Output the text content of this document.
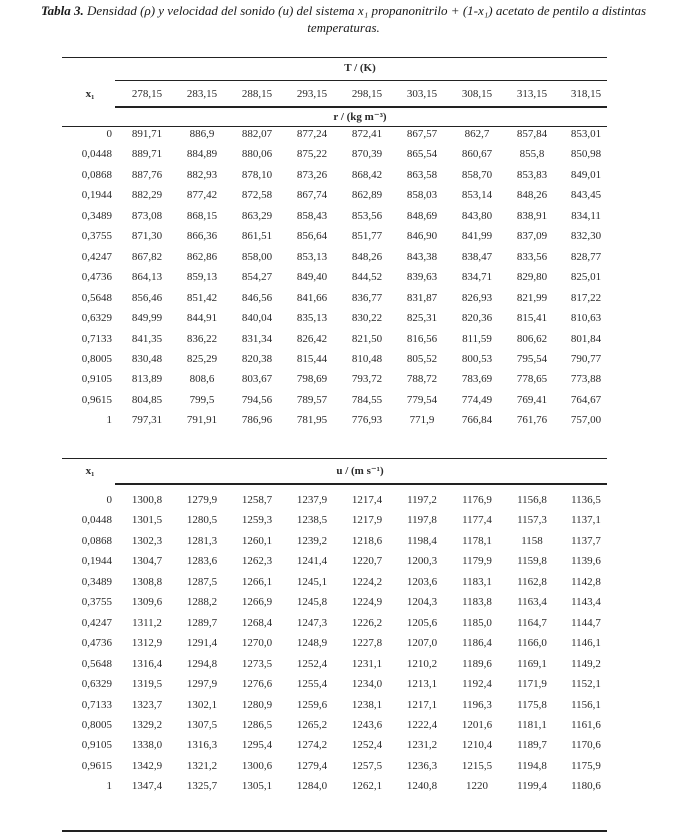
Tabla 3. Densidad (ρ) y velocidad del sonido (u) del sistema x₁ propanonitrilo + (1-x₁) acetato de pentilo a distintas temperaturas.
T / (K)
x₁	278,15	283,15	288,15	293,15	298,15	303,15	308,15	313,15	318,15
r / (kg m⁻³)
0	891,71	886,9	882,07	877,24	872,41	867,57	862,7	857,84	853,01
0,0448	889,71	884,89	880,06	875,22	870,39	865,54	860,67	855,8	850,98
0,0868	887,76	882,93	878,10	873,26	868,42	863,58	858,70	853,83	849,01
0,1944	882,29	877,42	872,58	867,74	862,89	858,03	853,14	848,26	843,45
0,3489	873,08	868,15	863,29	858,43	853,56	848,69	843,80	838,91	834,11
0,3755	871,30	866,36	861,51	856,64	851,77	846,90	841,99	837,09	832,30
0,4247	867,82	862,86	858,00	853,13	848,26	843,38	838,47	833,56	828,77
0,4736	864,13	859,13	854,27	849,40	844,52	839,63	834,71	829,80	825,01
0,5648	856,46	851,42	846,56	841,66	836,77	831,87	826,93	821,99	817,22
0,6329	849,99	844,91	840,04	835,13	830,22	825,31	820,36	815,41	810,63
0,7133	841,35	836,22	831,34	826,42	821,50	816,56	811,59	806,62	801,84
0,8005	830,48	825,29	820,38	815,44	810,48	805,52	800,53	795,54	790,77
0,9105	813,89	808,6	803,67	798,69	793,72	788,72	783,69	778,65	773,88
0,9615	804,85	799,5	794,56	789,57	784,55	779,54	774,49	769,41	764,67
1	797,31	791,91	786,96	781,95	776,93	771,9	766,84	761,76	757,00
x₁	u / (m s⁻¹)
0	1300,8	1279,9	1258,7	1237,9	1217,4	1197,2	1176,9	1156,8	1136,5
0,0448	1301,5	1280,5	1259,3	1238,5	1217,9	1197,8	1177,4	1157,3	1137,1
0,0868	1302,3	1281,3	1260,1	1239,2	1218,6	1198,4	1178,1	1158	1137,7
0,1944	1304,7	1283,6	1262,3	1241,4	1220,7	1200,3	1179,9	1159,8	1139,6
0,3489	1308,8	1287,5	1266,1	1245,1	1224,2	1203,6	1183,1	1162,8	1142,8
0,3755	1309,6	1288,2	1266,9	1245,8	1224,9	1204,3	1183,8	1163,4	1143,4
0,4247	1311,2	1289,7	1268,4	1247,3	1226,2	1205,6	1185,0	1164,7	1144,7
0,4736	1312,9	1291,4	1270,0	1248,9	1227,8	1207,0	1186,4	1166,0	1146,1
0,5648	1316,4	1294,8	1273,5	1252,4	1231,1	1210,2	1189,6	1169,1	1149,2
0,6329	1319,5	1297,9	1276,6	1255,4	1234,0	1213,1	1192,4	1171,9	1152,1
0,7133	1323,7	1302,1	1280,9	1259,6	1238,1	1217,1	1196,3	1175,8	1156,1
0,8005	1329,2	1307,5	1286,5	1265,2	1243,6	1222,4	1201,6	1181,1	1161,6
0,9105	1338,0	1316,3	1295,4	1274,2	1252,4	1231,2	1210,4	1189,7	1170,6
0,9615	1342,9	1321,2	1300,6	1279,4	1257,5	1236,3	1215,5	1194,8	1175,9
1	1347,4	1325,7	1305,1	1284,0	1262,1	1240,8	1220	1199,4	1180,6
